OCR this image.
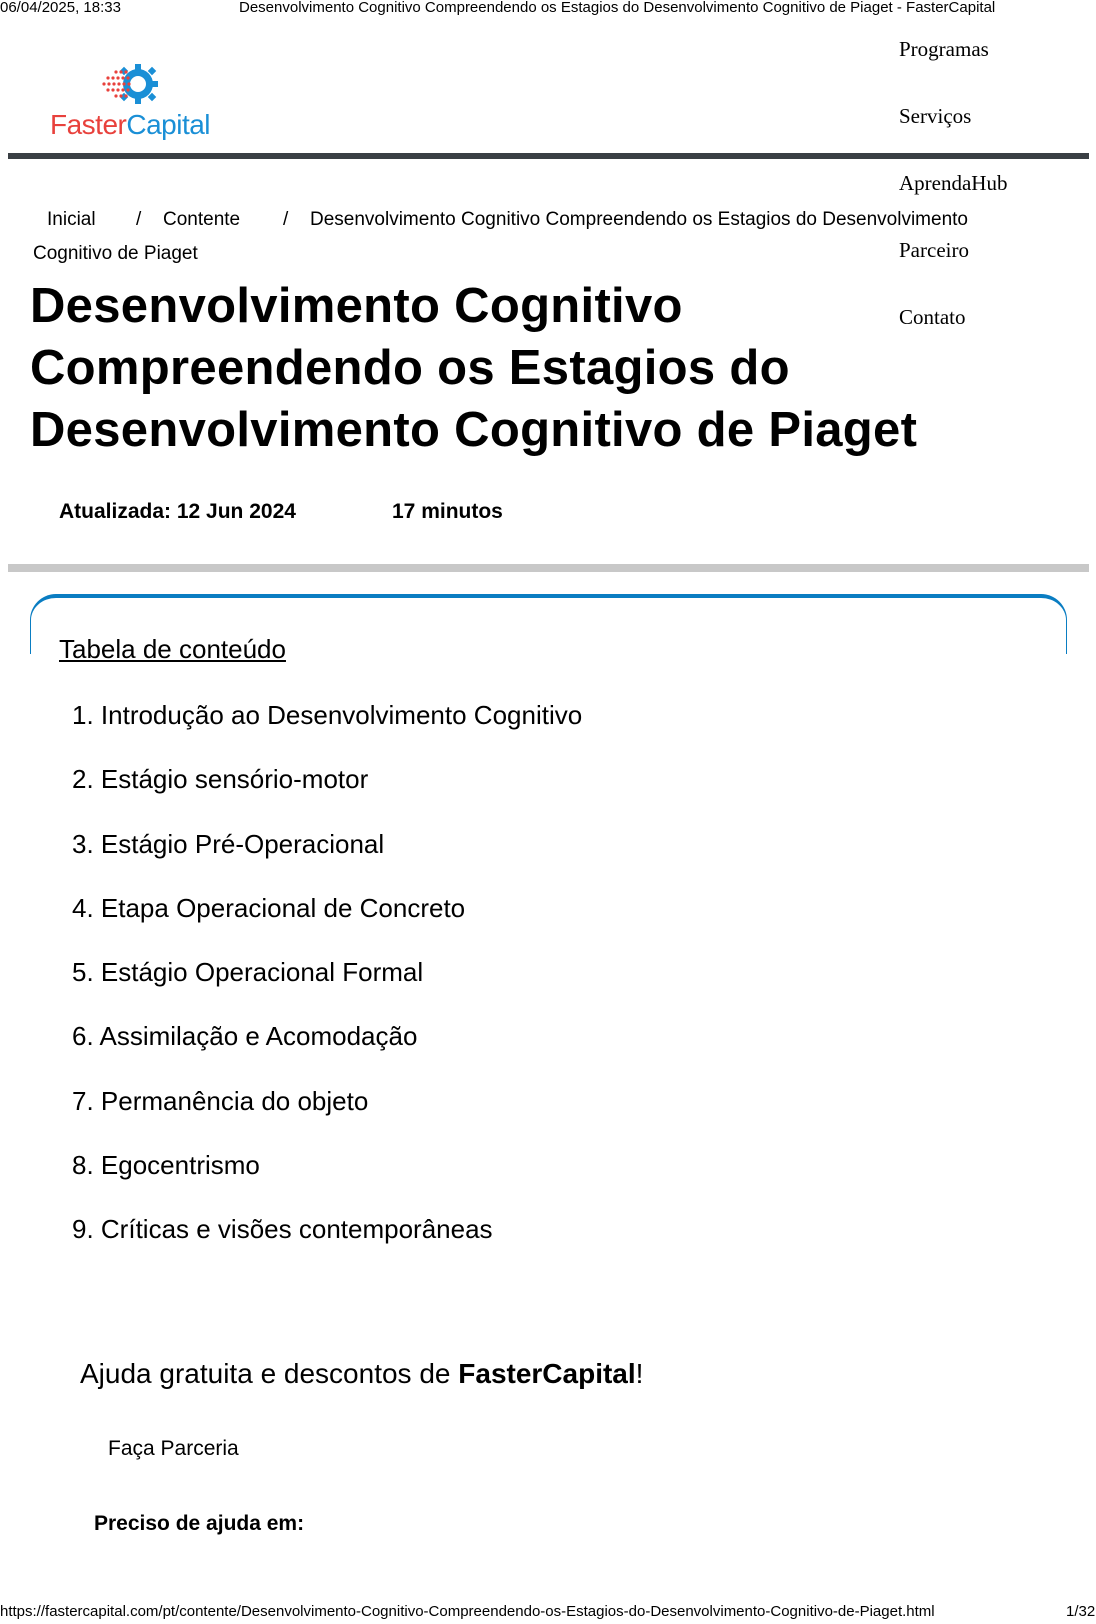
06/04/2025, 18:33	Desenvolvimento Cognitivo Compreendendo os Estagios do Desenvolvimento Cognitivo de Piaget - FasterCapital
FasterCapital
Programas
Serviços
AprendaHub
Parceiro
Contato
Inicial / Contente / Desenvolvimento Cognitivo Compreendendo os Estagios do Desenvolvimento
Cognitivo de Piaget
Desenvolvimento Cognitivo Compreendendo os Estagios do Desenvolvimento Cognitivo de Piaget
Atualizada: 12 Jun 2024	17 minutos
Tabela de conteúdo
1. Introdução ao Desenvolvimento Cognitivo
2. Estágio sensório-motor
3. Estágio Pré-Operacional
4. Etapa Operacional de Concreto
5. Estágio Operacional Formal
6. Assimilação e Acomodação
7. Permanência do objeto
8. Egocentrismo
9. Críticas e visões contemporâneas
Ajuda gratuita e descontos de FasterCapital!
Faça Parceria
Preciso de ajuda em:
https://fastercapital.com/pt/contente/Desenvolvimento-Cognitivo-Compreendendo-os-Estagios-do-Desenvolvimento-Cognitivo-de-Piaget.html	1/32
